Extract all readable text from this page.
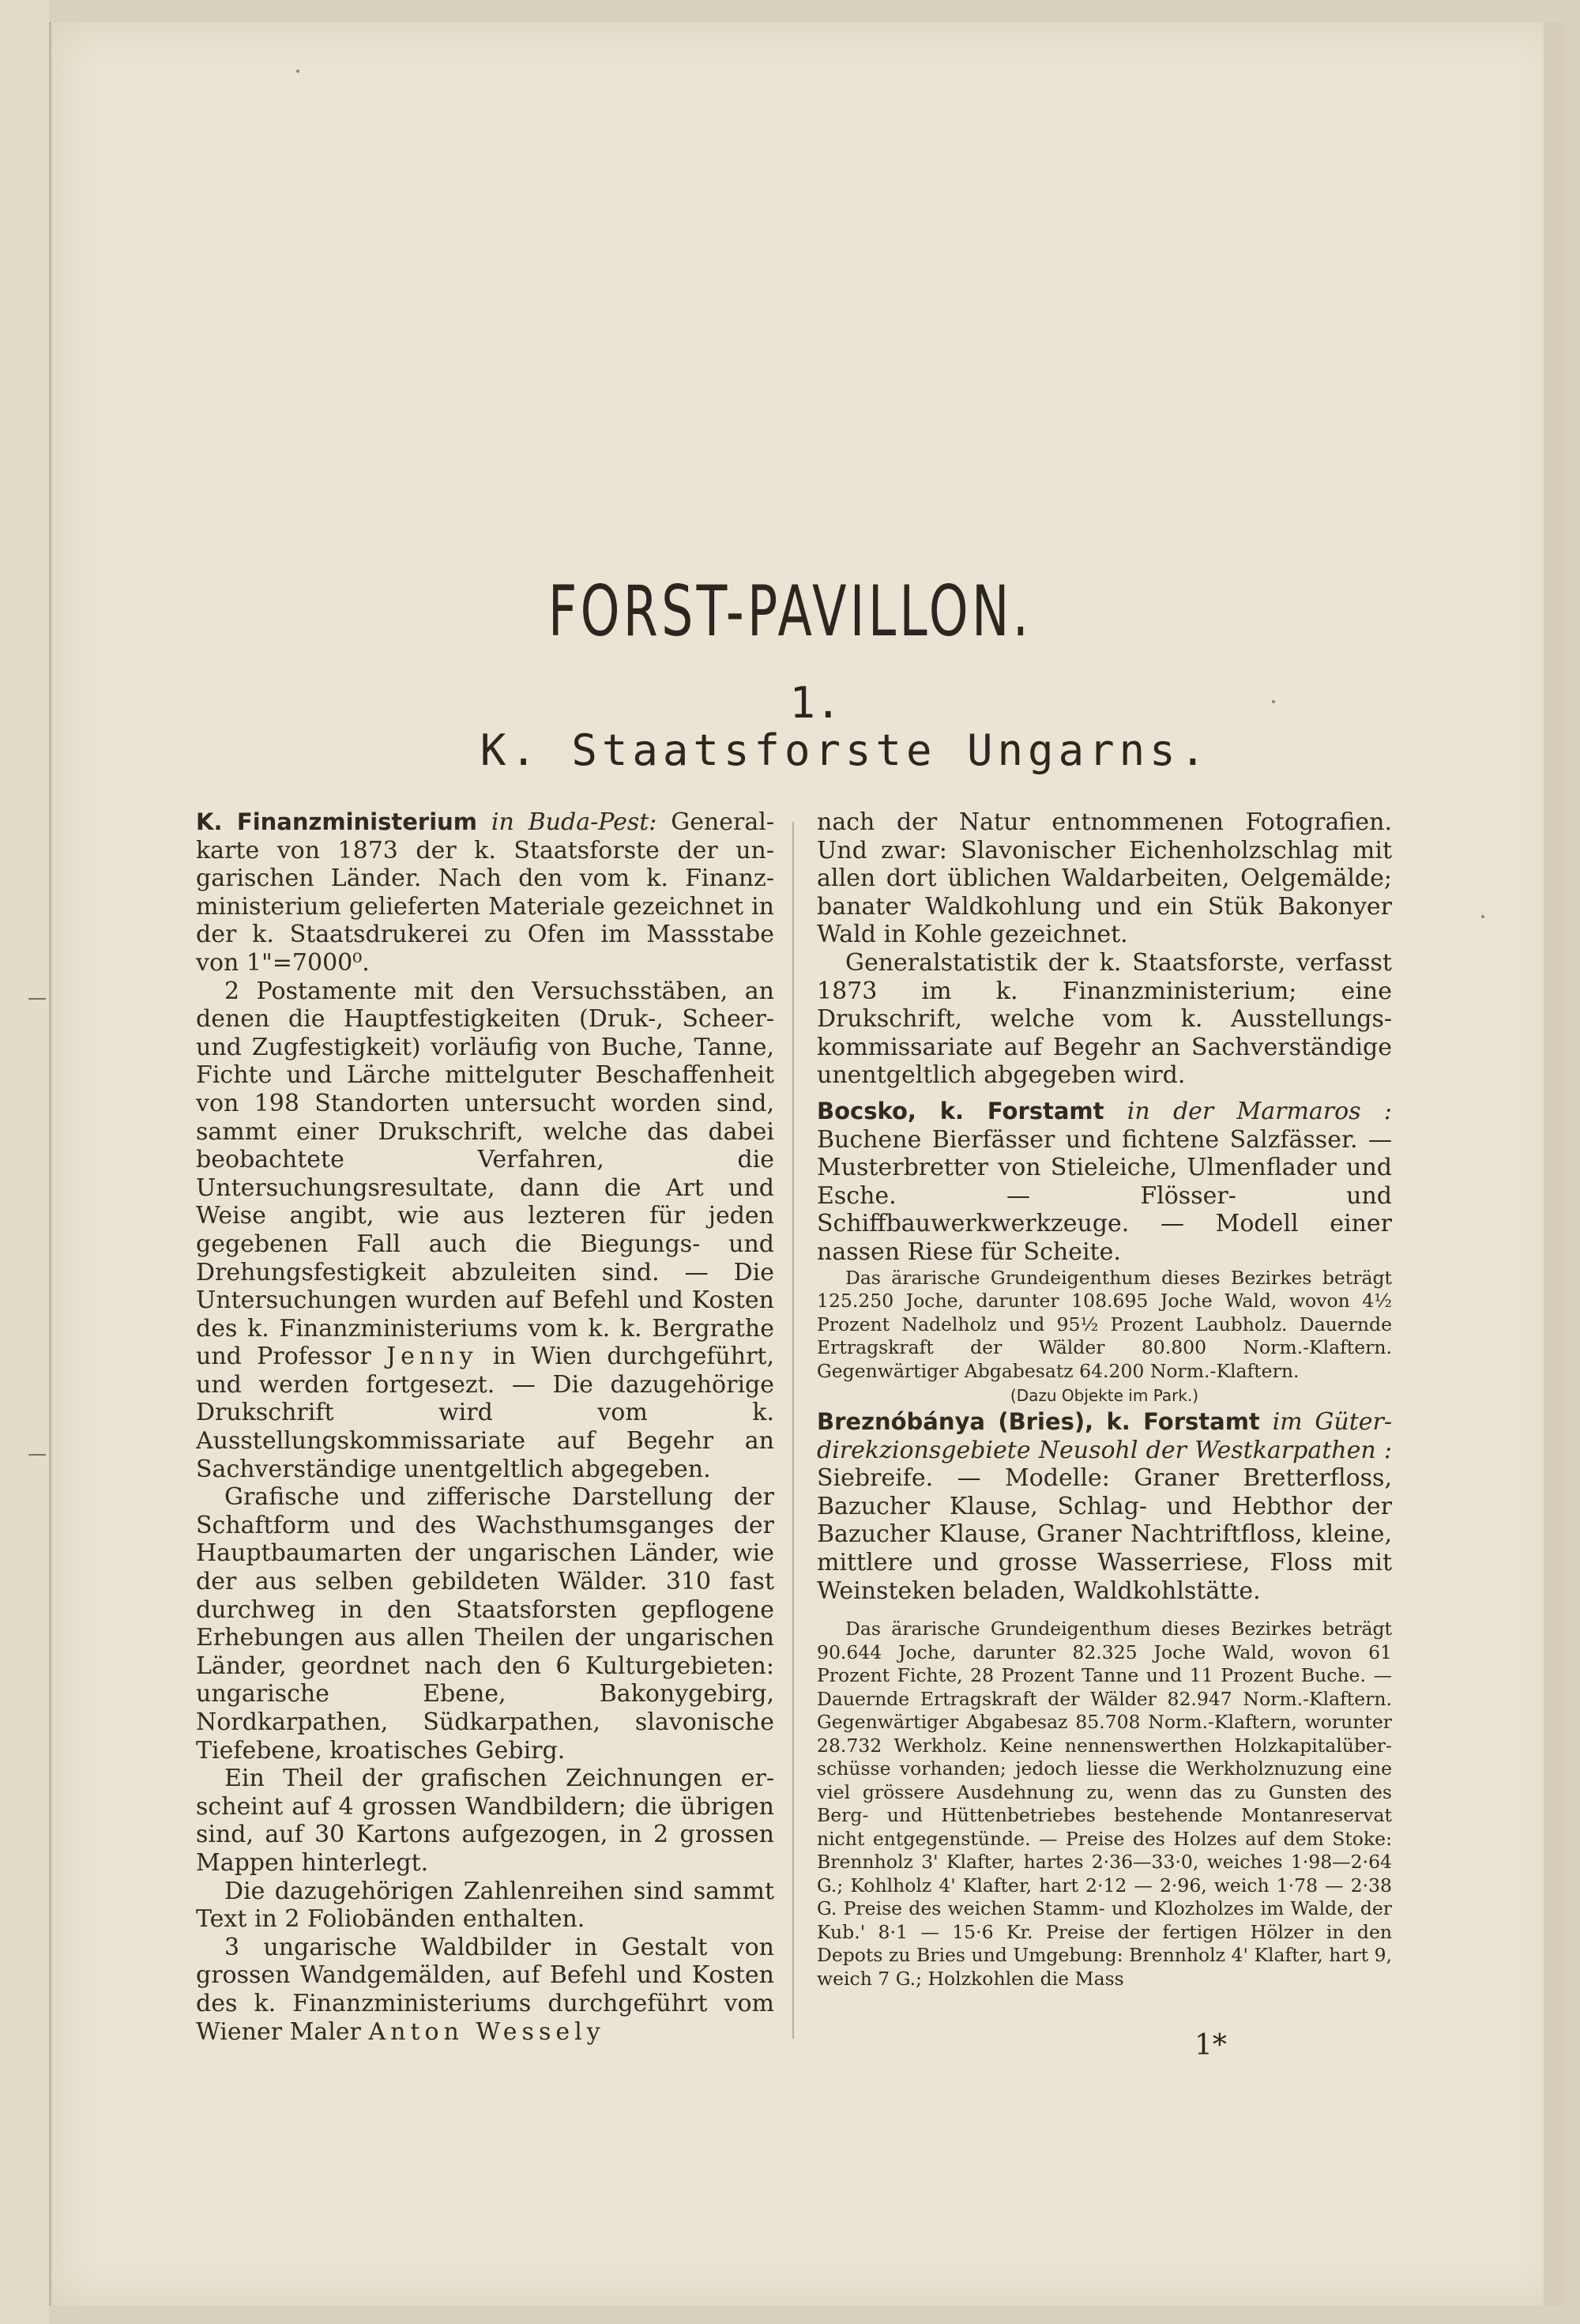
FORST-PAVILLON.
1.
K. Staatsforste Ungarns.

K. Finanzministerium in Buda-Pest: Generalkarte von 1873 der k. Staatsforste der ungarischen Länder. Nach den vom k. Finanzministerium gelieferten Materiale gezeichnet in der k. Staatsdrukerei zu Ofen im Massstabe von 1"=7000⁰.

2 Postamente mit den Versuchsstäben, an denen die Hauptfestigkeiten (Druk-, Scheer- und Zugfestigkeit) vorläufig von Buche, Tanne, Fichte und Lärche mittelguter Beschaffenheit von 198 Standorten untersucht worden sind, sammt einer Drukschrift, welche das dabei beobachtete Verfahren, die Untersuchungsresultate, dann die Art und Weise angibt, wie aus lezteren für jeden gegebenen Fall auch die Biegungs- und Drehungsfestigkeit abzuleiten sind. — Die Untersuchungen wurden auf Befehl und Kosten des k. Finanzministeriums vom k. k. Bergrathe und Professor Jenny in Wien durchgeführt, und werden fortgesezt. — Die dazugehörige Drukschrift wird vom k. Ausstellungskommissariate auf Begehr an Sachverständige unentgeltlich abgegeben.

Grafische und zifferische Darstellung der Schaftform und des Wachsthumsganges der Hauptbaumarten der ungarischen Länder, wie der aus selben gebildeten Wälder. 310 fast durchweg in den Staatsforsten gepflogene Erhebungen aus allen Theilen der ungarischen Länder, geordnet nach den 6 Kulturgebieten: ungarische Ebene, Bakonygebirg, Nordkarpathen, Südkarpathen, slavonische Tiefebene, kroatisches Gebirg.

Ein Theil der grafischen Zeichnungen erscheint auf 4 grossen Wandbildern; die übrigen sind, auf 30 Kartons aufgezogen, in 2 grossen Mappen hinterlegt.

Die dazugehörigen Zahlenreihen sind sammt Text in 2 Foliobänden enthalten.

3 ungarische Waldbilder in Gestalt von grossen Wandgemälden, auf Befehl und Kosten des k. Finanzministeriums durchgeführt vom Wiener Maler Anton Wessely

nach der Natur entnommenen Fotografien. Und zwar: Slavonischer Eichenholzschlag mit allen dort üblichen Waldarbeiten, Oelgemälde; banater Waldkohlung und ein Stük Bakonyer Wald in Kohle gezeichnet.

Generalstatistik der k. Staatsforste, verfasst 1873 im k. Finanzministerium; eine Drukschrift, welche vom k. Ausstellungskommissariate auf Begehr an Sachverständige unentgeltlich abgegeben wird.

Bocsko, k. Forstamt in der Marmaros : Buchene Bierfässer und fichtene Salzfässer. — Musterbretter von Stieleiche, Ulmenflader und Esche. — Flösser- und Schiffbauwerkwerkzeuge. — Modell einer nassen Riese für Scheite.

Das ärarische Grundeigenthum dieses Bezirkes beträgt 125.250 Joche, darunter 108.695 Joche Wald, wovon 4½ Prozent Nadelholz und 95½ Prozent Laubholz. Dauernde Ertragskraft der Wälder 80.800 Norm.-Klaftern. Gegenwärtiger Abgabesatz 64.200 Norm.-Klaftern.

(Dazu Objekte im Park.)

Breznóbánya (Bries), k. Forstamt im Güterdirekzionsgebiete Neusohl der Westkarpathen : Siebreife. — Modelle: Graner Bretterfloss, Bazucher Klause, Schlag- und Hebthor der Bazucher Klause, Graner Nachtriftfloss, kleine, mittlere und grosse Wasserriese, Floss mit Weinsteken beladen, Waldkohlstätte.

Das ärarische Grundeigenthum dieses Bezirkes beträgt 90.644 Joche, darunter 82.325 Joche Wald, wovon 61 Prozent Fichte, 28 Prozent Tanne und 11 Prozent Buche. — Dauernde Ertragskraft der Wälder 82.947 Norm.-Klaftern. Gegenwärtiger Abgabesaz 85.708 Norm.-Klaftern, worunter 28.732 Werkholz. Keine nennenswerthen Holzkapitalüberschüsse vorhanden; jedoch liesse die Werkholznuzung eine viel grössere Ausdehnung zu, wenn das zu Gunsten des Berg- und Hüttenbetriebes bestehende Montanreservat nicht entgegenstünde. — Preise des Holzes auf dem Stoke: Brennholz 3' Klafter, hartes 2·36—33·0, weiches 1·98—2·64 G.; Kohlholz 4' Klafter, hart 2·12 — 2·96, weich 1·78 — 2·38 G. Preise des weichen Stamm- und Klozholzes im Walde, der Kub.' 8·1 — 15·6 Kr. Preise der fertigen Hölzer in den Depots zu Bries und Umgebung: Brennholz 4' Klafter, hart 9, weich 7 G.; Holzkohlen die Mass

1*
